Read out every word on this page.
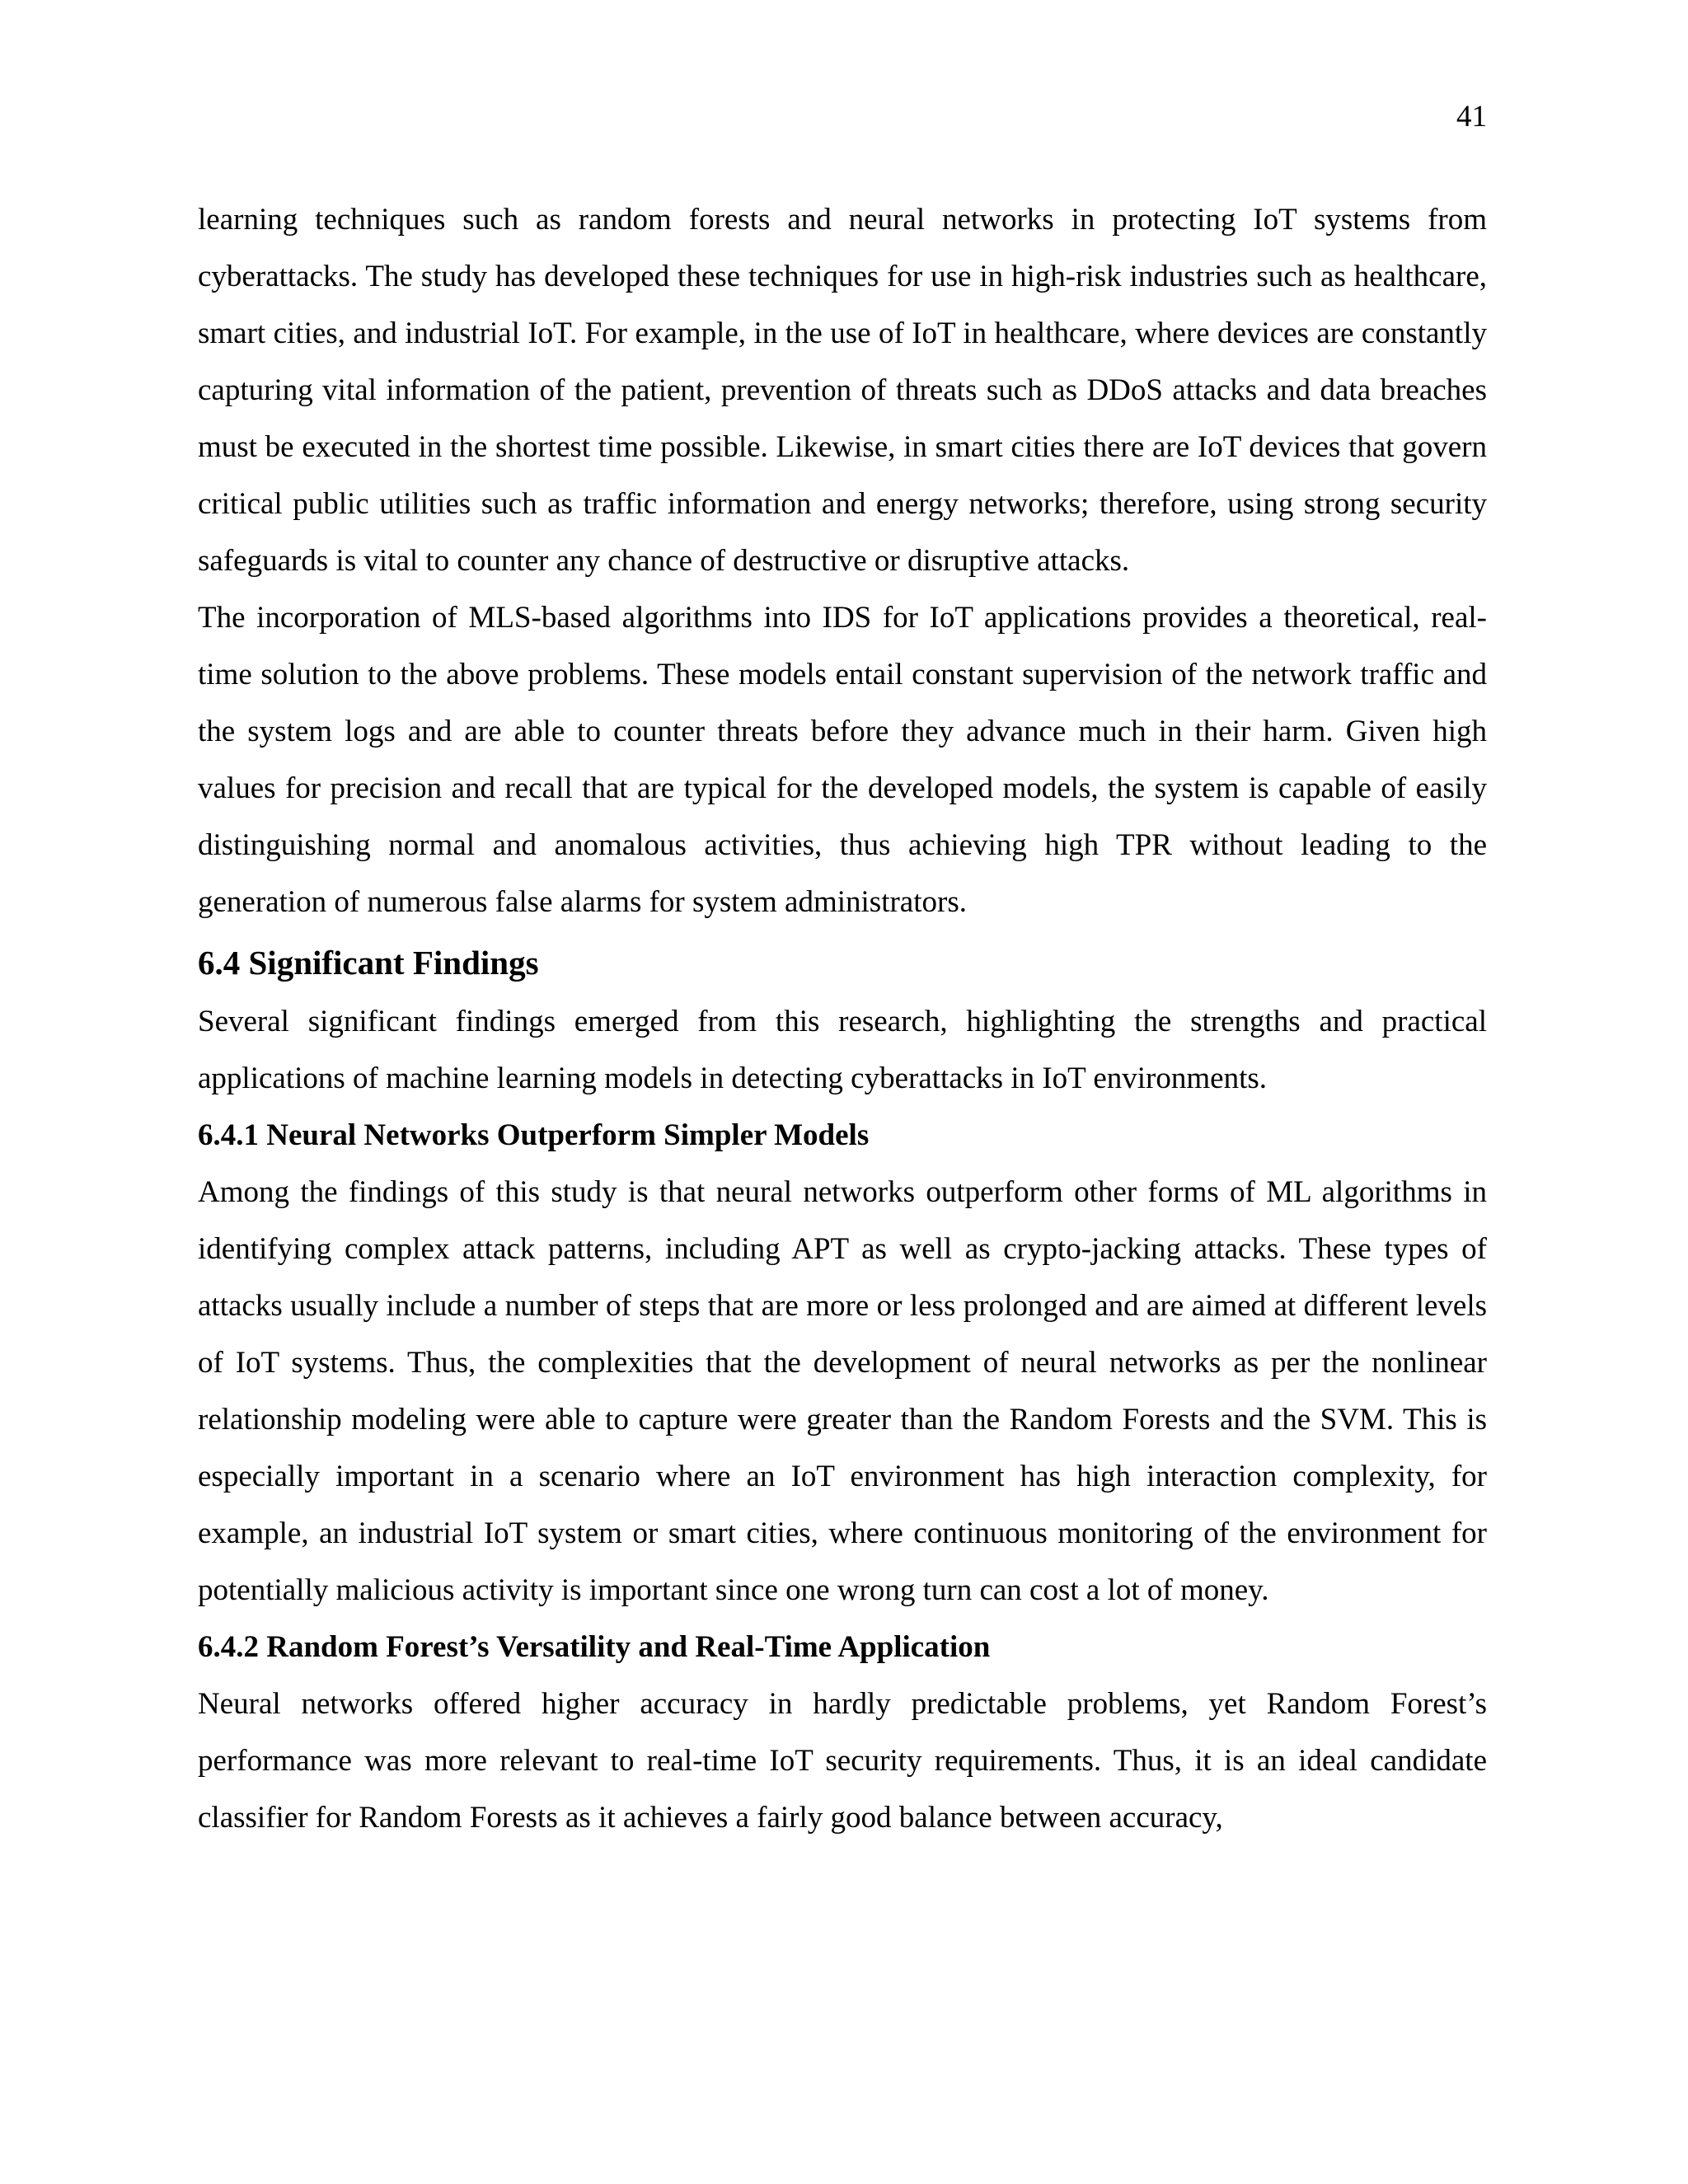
41

learning techniques such as random forests and neural networks in protecting IoT systems from cyberattacks. The study has developed these techniques for use in high-risk industries such as healthcare, smart cities, and industrial IoT. For example, in the use of IoT in healthcare, where devices are constantly capturing vital information of the patient, prevention of threats such as DDoS attacks and data breaches must be executed in the shortest time possible. Likewise, in smart cities there are IoT devices that govern critical public utilities such as traffic information and energy networks; therefore, using strong security safeguards is vital to counter any chance of destructive or disruptive attacks.

The incorporation of MLS-based algorithms into IDS for IoT applications provides a theoretical, real-time solution to the above problems. These models entail constant supervision of the network traffic and the system logs and are able to counter threats before they advance much in their harm. Given high values for precision and recall that are typical for the developed models, the system is capable of easily distinguishing normal and anomalous activities, thus achieving high TPR without leading to the generation of numerous false alarms for system administrators.

6.4 Significant Findings

Several significant findings emerged from this research, highlighting the strengths and practical applications of machine learning models in detecting cyberattacks in IoT environments.

6.4.1 Neural Networks Outperform Simpler Models

Among the findings of this study is that neural networks outperform other forms of ML algorithms in identifying complex attack patterns, including APT as well as crypto-jacking attacks. These types of attacks usually include a number of steps that are more or less prolonged and are aimed at different levels of IoT systems. Thus, the complexities that the development of neural networks as per the nonlinear relationship modeling were able to capture were greater than the Random Forests and the SVM. This is especially important in a scenario where an IoT environment has high interaction complexity, for example, an industrial IoT system or smart cities, where continuous monitoring of the environment for potentially malicious activity is important since one wrong turn can cost a lot of money.

6.4.2 Random Forest’s Versatility and Real-Time Application

Neural networks offered higher accuracy in hardly predictable problems, yet Random Forest’s performance was more relevant to real-time IoT security requirements. Thus, it is an ideal candidate classifier for Random Forests as it achieves a fairly good balance between accuracy,
